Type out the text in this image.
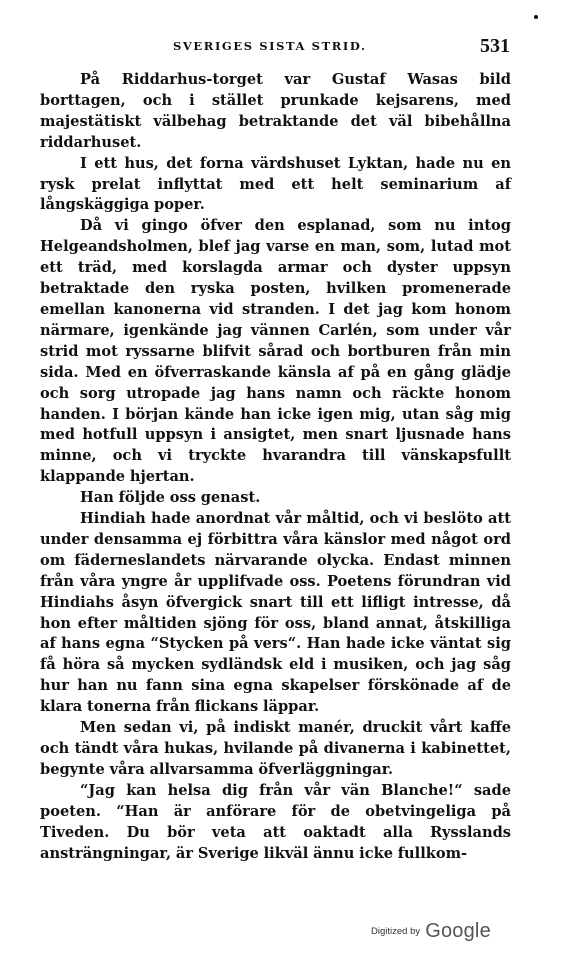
SVERIGES SISTA STRID.	531

På Riddarhus-torget var Gustaf Wasas bild borttagen, och i stället prunkade kejsarens, med majestätiskt välbehag betraktande det väl bibehållna riddarhuset.

I ett hus, det forna värdshuset Lyktan, hade nu en rysk prelat inflyttat med ett helt seminarium af långskäggiga poper.

Då vi gingo öfver den esplanad, som nu intog Helgeandsholmen, blef jag varse en man, som, lutad mot ett träd, med korslagda armar och dyster uppsyn betraktade den ryska posten, hvilken promenerade emellan kanonerna vid stranden. I det jag kom honom närmare, igenkände jag vännen Carlén, som under vår strid mot ryssarne blifvit sårad och bortburen från min sida. Med en öfverraskande känsla af på en gång glädje och sorg utropade jag hans namn och räckte honom handen. I början kände han icke igen mig, utan såg mig med hotfull uppsyn i ansigtet, men snart ljusnade hans minne, och vi tryckte hvarandra till vänskapsfullt klappande hjertan.

Han följde oss genast.

Hindiah hade anordnat vår måltid, och vi beslöto att under densamma ej förbittra våra känslor med något ord om fäderneslandets närvarande olycka. Endast minnen från våra yngre år upplifvade oss. Poetens förundran vid Hindiahs åsyn öfvergick snart till ett lifligt intresse, då hon efter måltiden sjöng för oss, bland annat, åtskilliga af hans egna “Stycken på vers“. Han hade icke väntat sig få höra så mycken sydländsk eld i musiken, och jag såg hur han nu fann sina egna skapelser förskönade af de klara tonerna från flickans läppar.

Men sedan vi, på indiskt manér, druckit vårt kaffe och tändt våra hukas, hvilande på divanerna i kabinettet, begynte våra allvarsamma öfverläggningar.

“Jag kan helsa dig från vår vän Blanche!“ sade poeten. “Han är anförare för de obetvingeliga på Tiveden. Du bör veta att oaktadt alla Rysslands ansträngningar, är Sverige likväl ännu icke fullkom-

Digitized by Google
